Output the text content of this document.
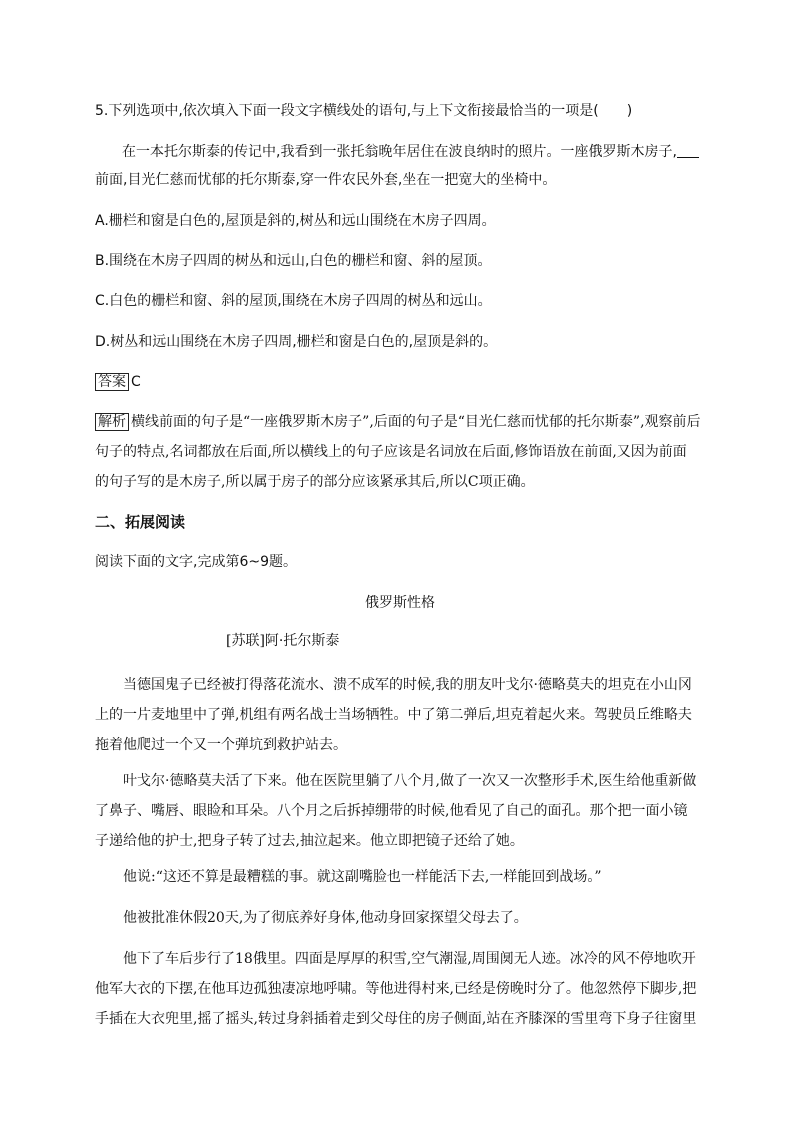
5.下列选项中,依次填入下面一段文字横线处的语句,与上下文衔接最恰当的一项是(　　)
在一本托尔斯泰的传记中,我看到一张托翁晚年居住在波良纳时的照片。一座俄罗斯木房子,
前面,目光仁慈而忧郁的托尔斯泰,穿一件农民外套,坐在一把宽大的坐椅中。
A.栅栏和窗是白色的,屋顶是斜的,树丛和远山围绕在木房子四周。
B.围绕在木房子四周的树丛和远山,白色的栅栏和窗、斜的屋顶。
C.白色的栅栏和窗、斜的屋顶,围绕在木房子四周的树丛和远山。
D.树丛和远山围绕在木房子四周,栅栏和窗是白色的,屋顶是斜的。
答案 C
解析 横线前面的句子是“一座俄罗斯木房子”,后面的句子是“目光仁慈而忧郁的托尔斯泰”,观察前后
句子的特点,名词都放在后面,所以横线上的句子应该是名词放在后面,修饰语放在前面,又因为前面
的句子写的是木房子,所以属于房子的部分应该紧承其后,所以C项正确。
二、拓展阅读
阅读下面的文字,完成第6~9题。
俄罗斯性格
[苏联]阿·托尔斯泰
当德国鬼子已经被打得落花流水、溃不成军的时候,我的朋友叶戈尔·德略莫夫的坦克在小山冈
上的一片麦地里中了弹,机组有两名战士当场牺牲。中了第二弹后,坦克着起火来。驾驶员丘维略夫
拖着他爬过一个又一个弹坑到救护站去。
叶戈尔·德略莫夫活了下来。他在医院里躺了八个月,做了一次又一次整形手术,医生给他重新做
了鼻子、嘴唇、眼睑和耳朵。八个月之后拆掉绷带的时候,他看见了自己的面孔。那个把一面小镜
子递给他的护士,把身子转了过去,抽泣起来。他立即把镜子还给了她。
他说:“这还不算是最糟糕的事。就这副嘴脸也一样能活下去,一样能回到战场。”
他被批准休假20天,为了彻底养好身体,他动身回家探望父母去了。
他下了车后步行了18俄里。四面是厚厚的积雪,空气潮湿,周围阒无人迹。冰冷的风不停地吹开
他军大衣的下摆,在他耳边孤独凄凉地呼啸。等他进得村来,已经是傍晚时分了。他忽然停下脚步,把
手插在大衣兜里,摇了摇头,转过身斜插着走到父母住的房子侧面,站在齐膝深的雪里弯下身子往窗里
